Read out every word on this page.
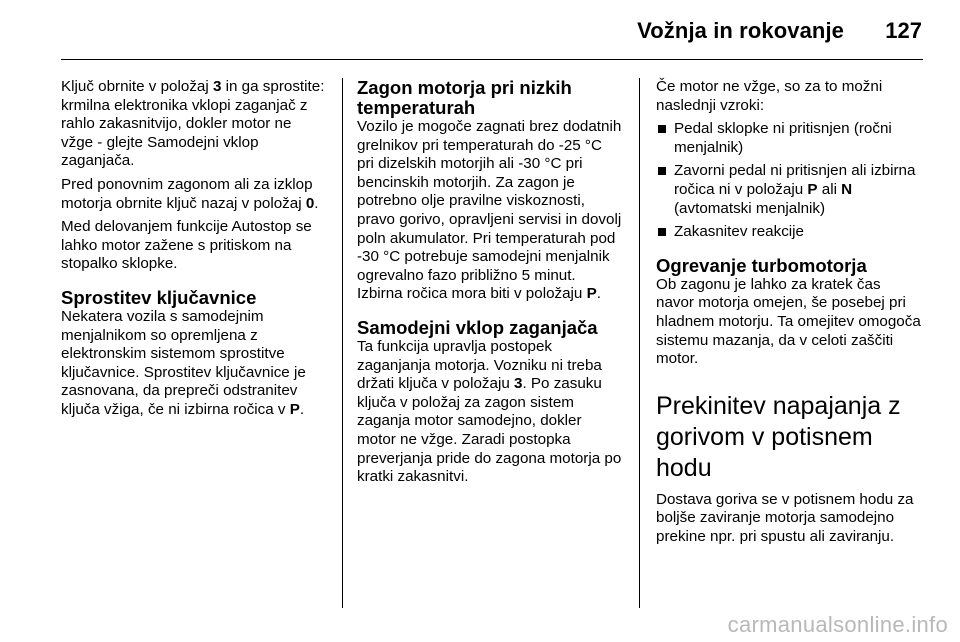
Vožnja in rokovanje 127

Ključ obrnite v položaj 3 in ga sprostite: krmilna elektronika vklopi zaganjač z rahlo zakasnitvijo, dokler motor ne vžge - glejte Samodejni vklop zaganjača.

Pred ponovnim zagonom ali za izklop motorja obrnite ključ nazaj v položaj 0.

Med delovanjem funkcije Autostop se lahko motor zažene s pritiskom na stopalko sklopke.

Sprostitev ključavnice

Nekatera vozila s samodejnim menjalnikom so opremljena z elektronskim sistemom sprostitve ključavnice. Sprostitev ključavnice je zasnovana, da prepreči odstranitev ključa vžiga, če ni izbirna ročica v P.

Zagon motorja pri nizkih temperaturah

Vozilo je mogoče zagnati brez dodatnih grelnikov pri temperaturah do -25 °C pri dizelskih motorjih ali -30 °C pri bencinskih motorjih. Za zagon je potrebno olje pravilne viskoznosti, pravo gorivo, opravljeni servisi in dovolj poln akumulator. Pri temperaturah pod -30 °C potrebuje samodejni menjalnik ogrevalno fazo približno 5 minut. Izbirna ročica mora biti v položaju P.

Samodejni vklop zaganjača

Ta funkcija upravlja postopek zaganjanja motorja. Vozniku ni treba držati ključa v položaju 3. Po zasuku ključa v položaj za zagon sistem zaganja motor samodejno, dokler motor ne vžge. Zaradi postopka preverjanja pride do zagona motorja po kratki zakasnitvi.

Če motor ne vžge, so za to možni naslednji vzroki:

Pedal sklopke ni pritisnjen (ročni menjalnik)
Zavorni pedal ni pritisnjen ali izbirna ročica ni v položaju P ali N (avtomatski menjalnik)
Zakasnitev reakcije
Ogrevanje turbomotorja

Ob zagonu je lahko za kratek čas navor motorja omejen, še posebej pri hladnem motorju. Ta omejitev omogoča sistemu mazanja, da v celoti zaščiti motor.

Prekinitev napajanja z gorivom v potisnem hodu

Dostava goriva se v potisnem hodu za boljše zaviranje motorja samodejno prekine npr. pri spustu ali zaviranju.

carmanualsonline.info
